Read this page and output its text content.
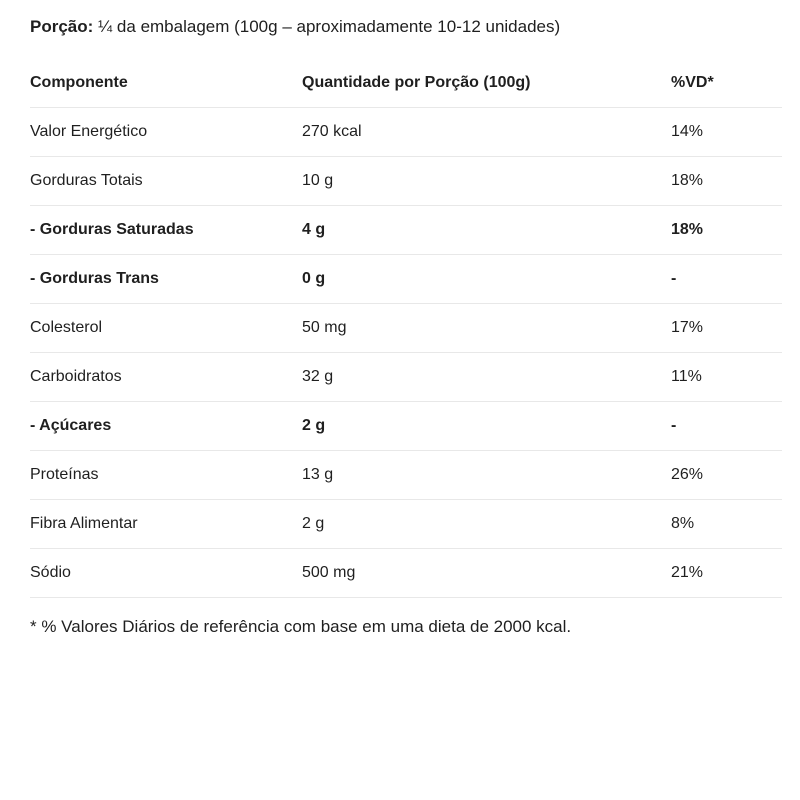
Porção: ¼ da embalagem (100g – aproximadamente 10-12 unidades)
Componente	Quantidade por Porção (100g)	%VD*
Valor Energético	270 kcal	14%
Gorduras Totais	10 g	18%
- Gorduras Saturadas	4 g	18%
- Gorduras Trans	0 g	-
Colesterol	50 mg	17%
Carboidratos	32 g	11%
- Açúcares	2 g	-
Proteínas	13 g	26%
Fibra Alimentar	2 g	8%
Sódio	500 mg	21%
* % Valores Diários de referência com base em uma dieta de 2000 kcal.
